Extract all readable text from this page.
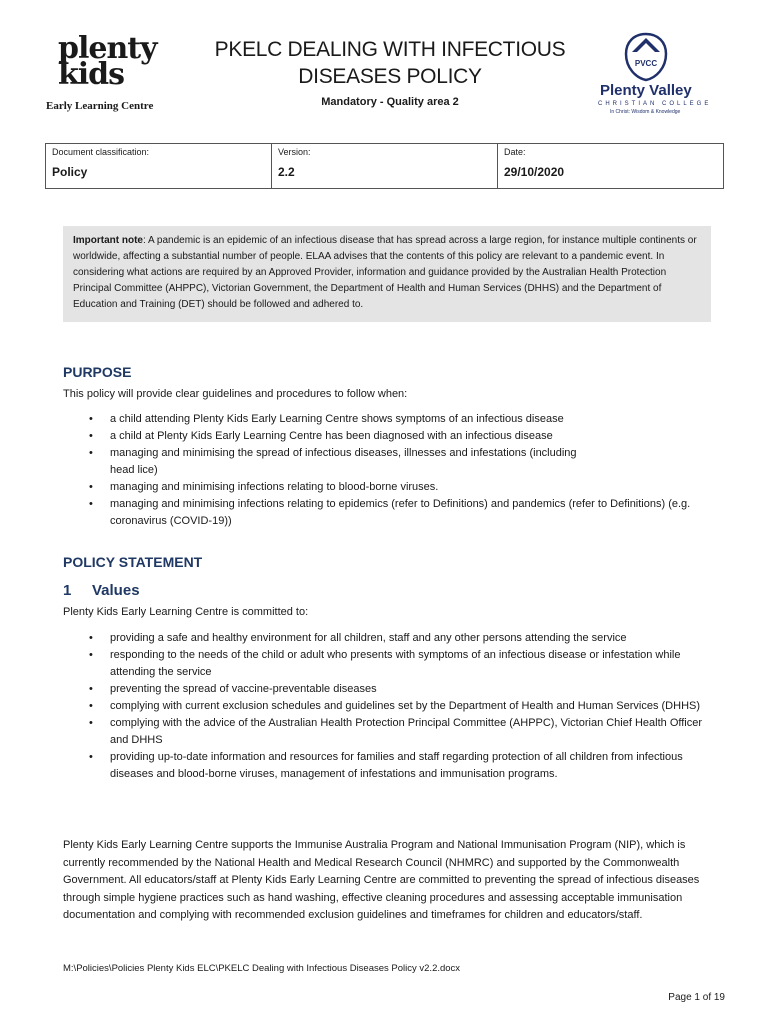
plenty kids
Early Learning Centre
PKELC DEALING WITH INFECTIOUS DISEASES POLICY
Mandatory - Quality area 2
PVCC
Plenty Valley
CHRISTIAN COLLEGE
In Christ: Wisdom & Knowledge
Document classification:
Policy

Version:
2.2

Date:
29/10/2020
Important note: A pandemic is an epidemic of an infectious disease that has spread across a large region, for instance multiple continents or worldwide, affecting a substantial number of people. ELAA advises that the contents of this policy are relevant to a pandemic event. In considering what actions are required by an Approved Provider, information and guidance provided by the Australian Health Protection Principal Committee (AHPPC), Victorian Government, the Department of Health and Human Services (DHHS) and the Department of Education and Training (DET) should be followed and adhered to.
PURPOSE

This policy will provide clear guidelines and procedures to follow when:

• a child attending Plenty Kids Early Learning Centre shows symptoms of an infectious disease
• a child at Plenty Kids Early Learning Centre has been diagnosed with an infectious disease
• managing and minimising the spread of infectious diseases, illnesses and infestations (including head lice)
• managing and minimising infections relating to blood-borne viruses.
• managing and minimising infections relating to epidemics (refer to Definitions) and pandemics (refer to Definitions) (e.g. coronavirus (COVID-19))
POLICY STATEMENT
1 Values

Plenty Kids Early Learning Centre is committed to:

• providing a safe and healthy environment for all children, staff and any other persons attending the service
• responding to the needs of the child or adult who presents with symptoms of an infectious disease or infestation while attending the service
• preventing the spread of vaccine-preventable diseases
• complying with current exclusion schedules and guidelines set by the Department of Health and Human Services (DHHS)
• complying with the advice of the Australian Health Protection Principal Committee (AHPPC), Victorian Chief Health Officer and DHHS
• providing up-to-date information and resources for families and staff regarding protection of all children from infectious diseases and blood-borne viruses, management of infestations and immunisation programs.

Plenty Kids Early Learning Centre supports the Immunise Australia Program and National Immunisation Program (NIP), which is currently recommended by the National Health and Medical Research Council (NHMRC) and supported by the Commonwealth Government. All educators/staff at Plenty Kids Early Learning Centre are committed to preventing the spread of infectious diseases through simple hygiene practices such as hand washing, effective cleaning procedures and assessing acceptable immunisation documentation and complying with recommended exclusion guidelines and timeframes for children and educators/staff.

M:\Policies\Policies Plenty Kids ELC\PKELC Dealing with Infectious Diseases Policy v2.2.docx
Page 1 of 19
